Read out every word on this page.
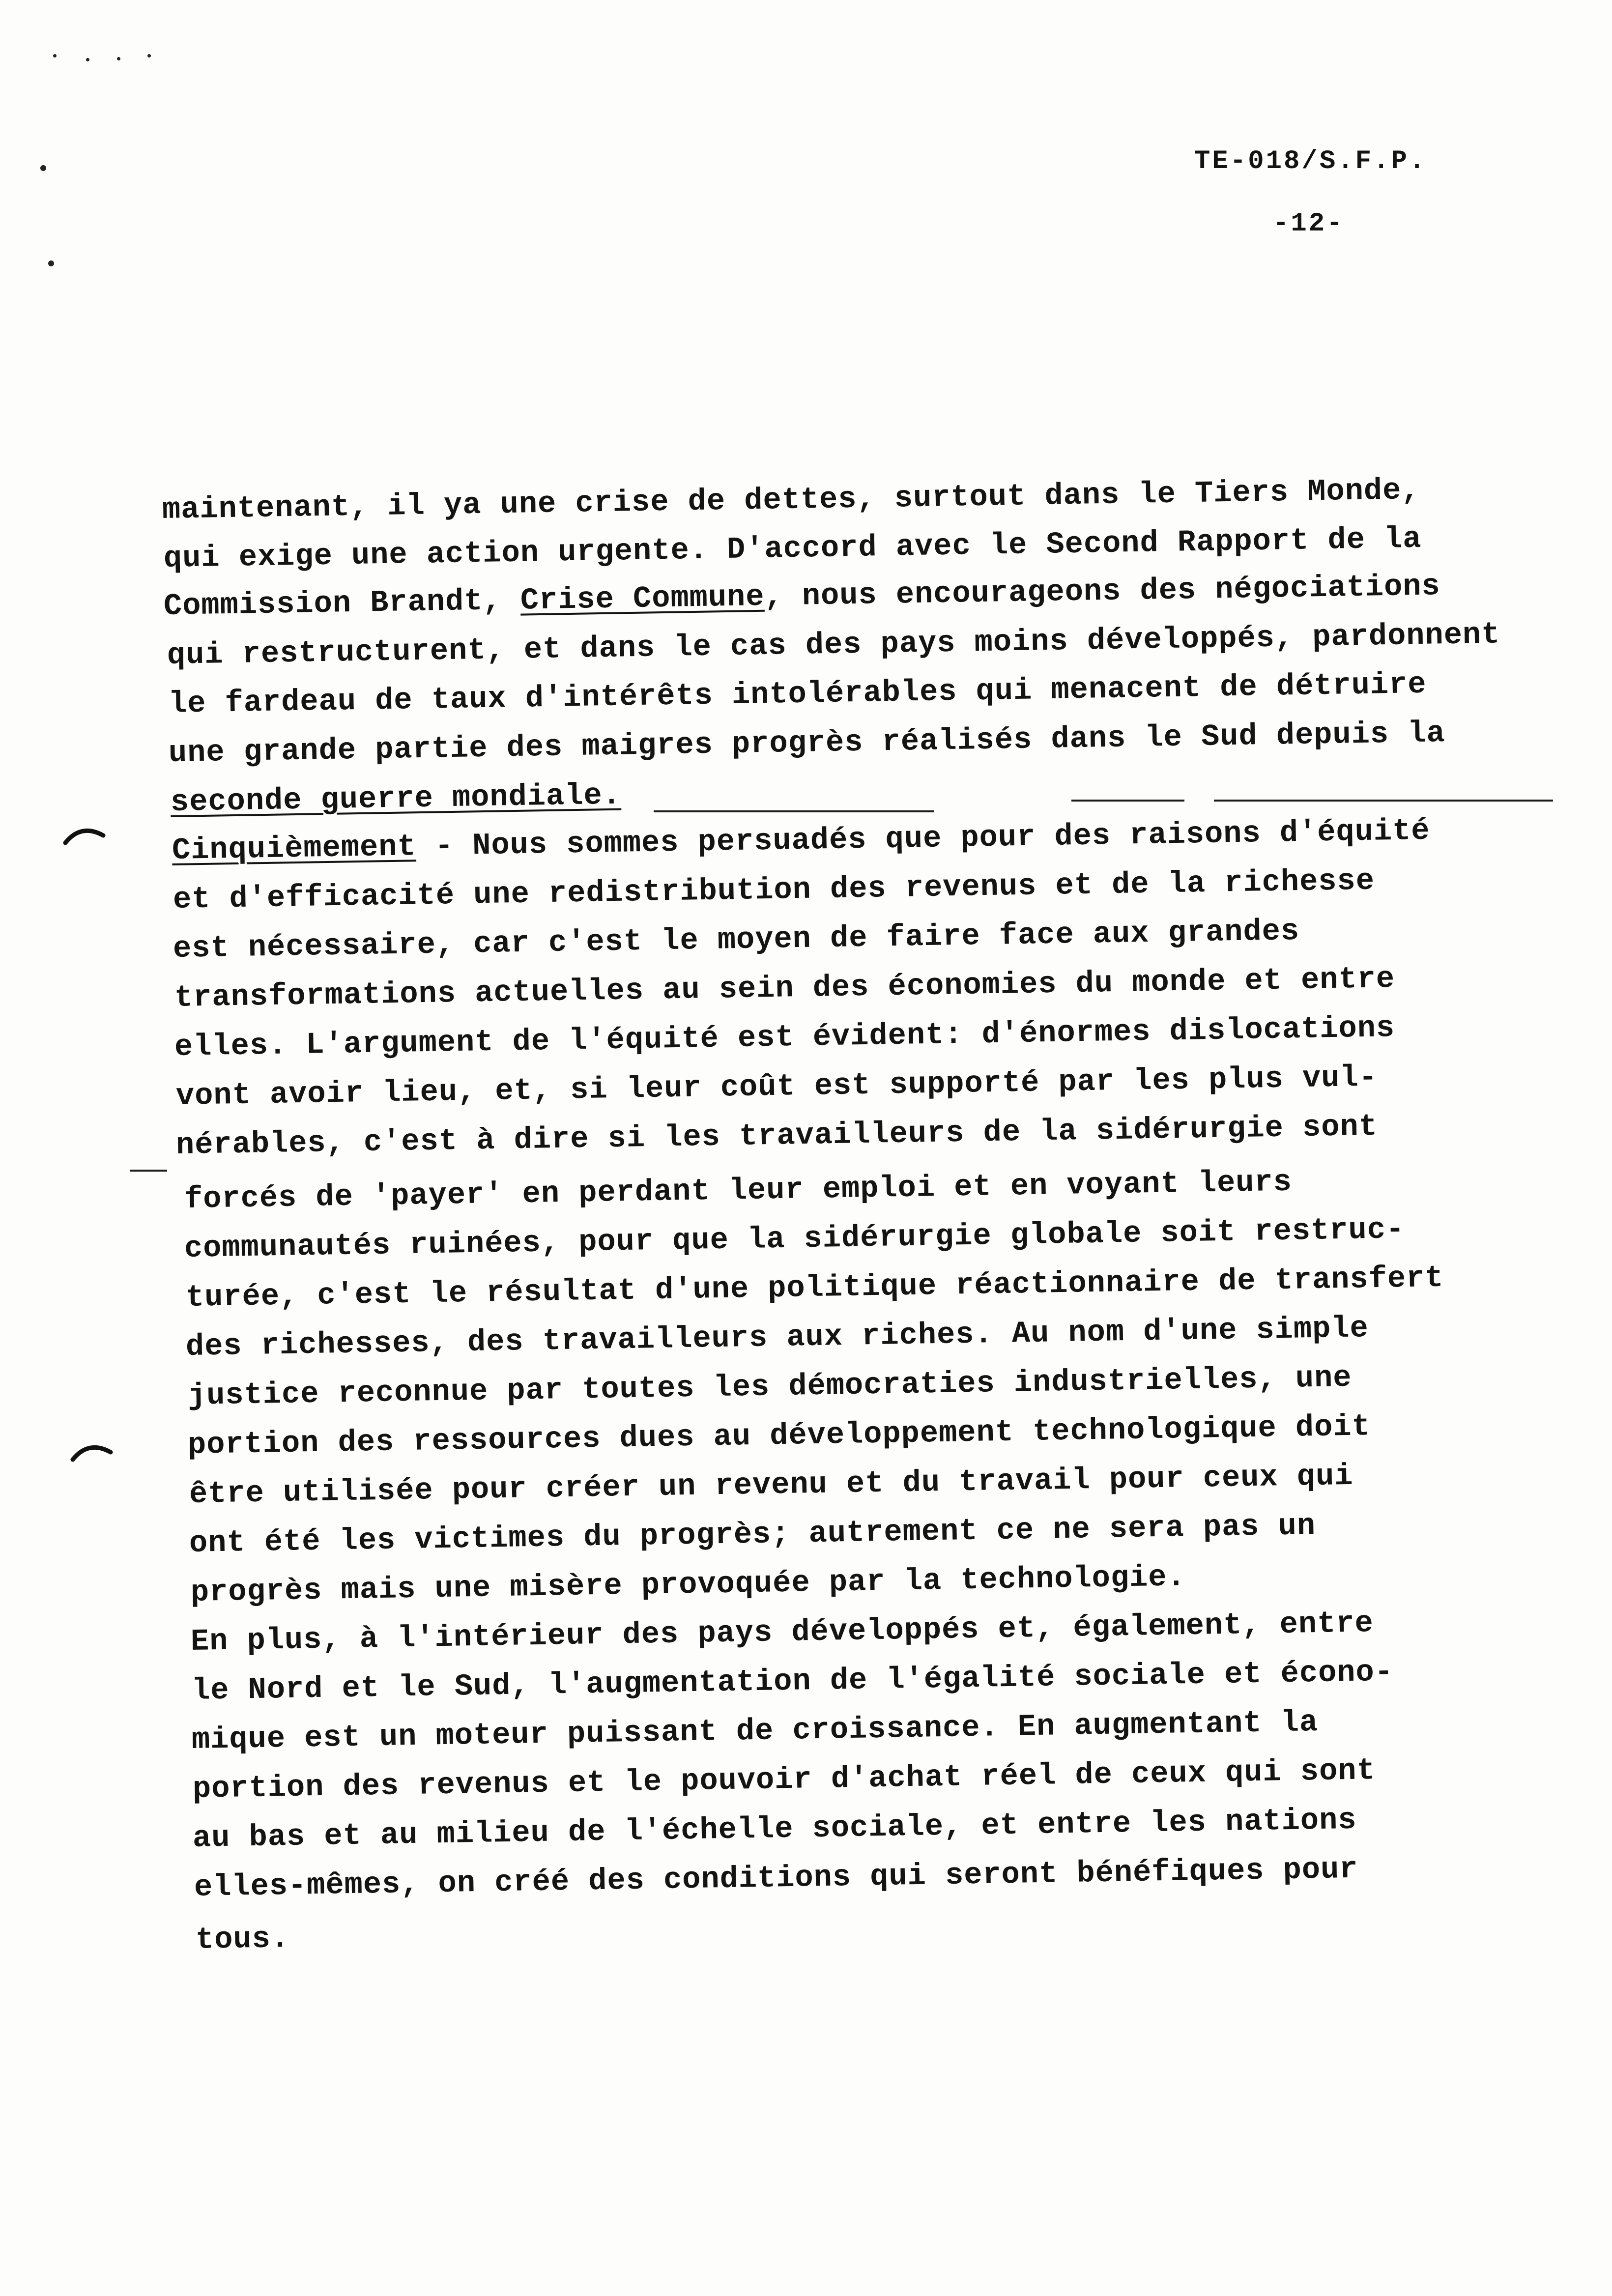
TE-018/S.F.P.
-12-
maintenant, il ya une crise de dettes, surtout dans le Tiers Monde,
qui exige une action urgente. D'accord avec le Second Rapport de la
Commission Brandt, Crise Commune, nous encourageons des négociations
qui restructurent, et dans le cas des pays moins développés, pardonnent
le fardeau de taux d'intérêts intolérables qui menacent de détruire
une grande partie des maigres progrès réalisés dans le Sud depuis la
seconde guerre mondiale.
Cinquièmement - Nous sommes persuadés que pour des raisons d'équité
et d'efficacité une redistribution des revenus et de la richesse
est nécessaire, car c'est le moyen de faire face aux grandes
transformations actuelles au sein des économies du monde et entre
elles. L'argument de l'équité est évident: d'énormes dislocations
vont avoir lieu, et, si leur coût est supporté par les plus vul-
nérables, c'est à dire si les travailleurs de la sidérurgie sont
forcés de 'payer' en perdant leur emploi et en voyant leurs
communautés ruinées, pour que la sidérurgie globale soit restruc-
turée, c'est le résultat d'une politique réactionnaire de transfert
des richesses, des travailleurs aux riches. Au nom d'une simple
justice reconnue par toutes les démocraties industrielles, une
portion des ressources dues au développement technologique doit
être utilisée pour créer un revenu et du travail pour ceux qui
ont été les victimes du progrès; autrement ce ne sera pas un
progrès mais une misère provoquée par la technologie.
En plus, à l'intérieur des pays développés et, également, entre
le Nord et le Sud, l'augmentation de l'égalité sociale et écono-
mique est un moteur puissant de croissance. En augmentant la
portion des revenus et le pouvoir d'achat réel de ceux qui sont
au bas et au milieu de l'échelle sociale, et entre les nations
elles-mêmes, on créé des conditions qui seront bénéfiques pour
tous.
